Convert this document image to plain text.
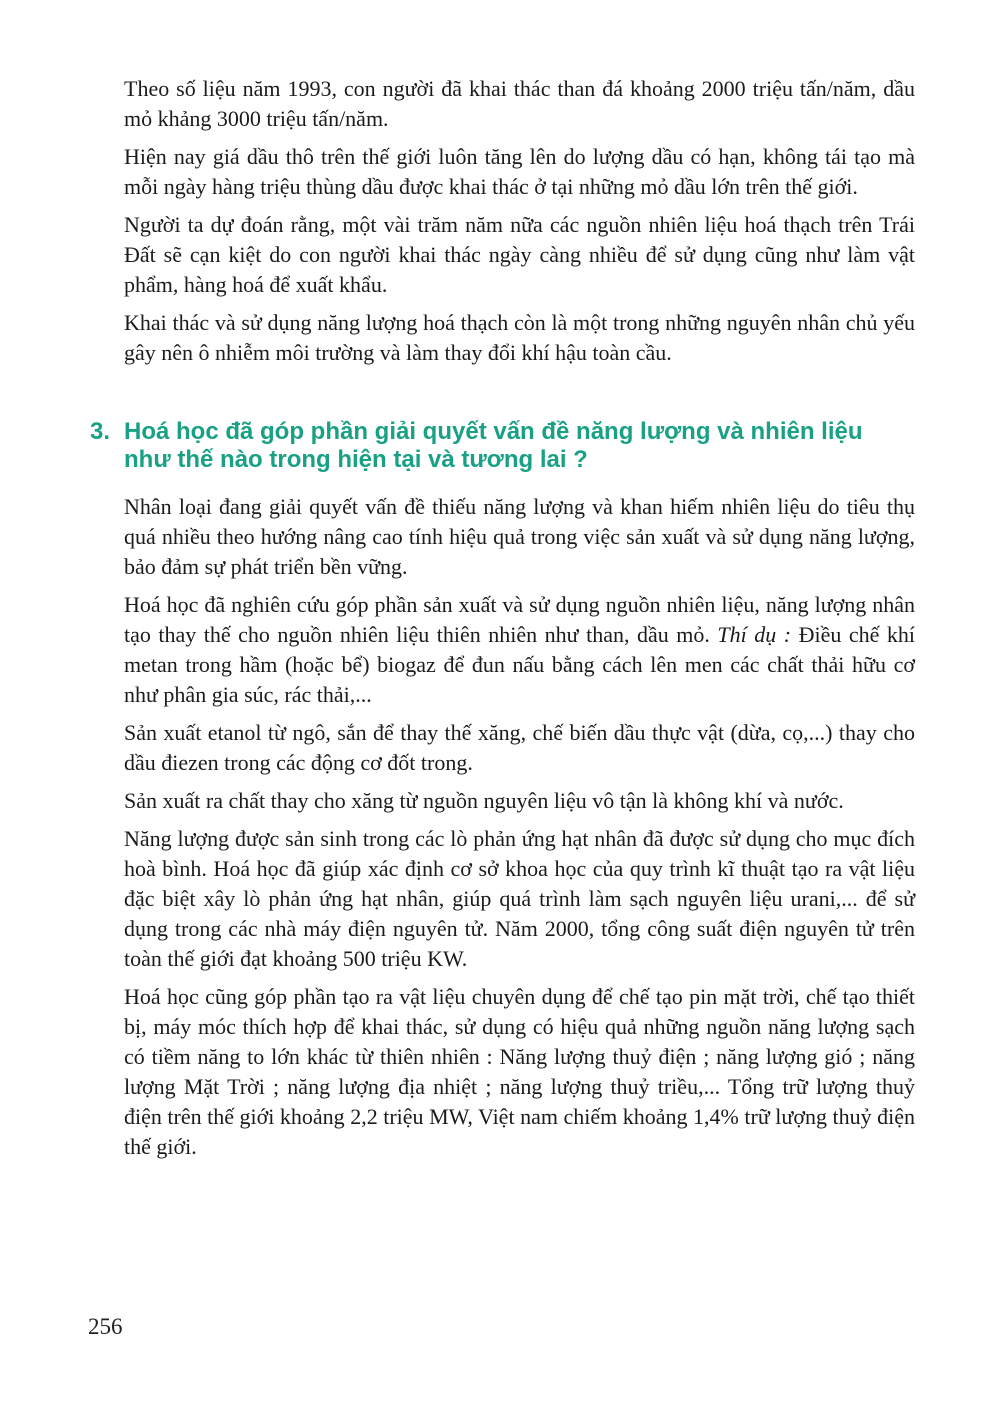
Theo số liệu năm 1993, con người đã khai thác than đá khoảng 2000 triệu tấn/năm, dầu mỏ khảng 3000 triệu tấn/năm.

Hiện nay giá dầu thô trên thế giới luôn tăng lên do lượng dầu có hạn, không tái tạo mà mỗi ngày hàng triệu thùng dầu được khai thác ở tại những mỏ dầu lớn trên thế giới.

Người ta dự đoán rằng, một vài trăm năm nữa các nguồn nhiên liệu hoá thạch trên Trái Đất sẽ cạn kiệt do con người khai thác ngày càng nhiều để sử dụng cũng như làm vật phẩm, hàng hoá để xuất khẩu.

Khai thác và sử dụng năng lượng hoá thạch còn là một trong những nguyên nhân chủ yếu gây nên ô nhiễm môi trường và làm thay đổi khí hậu toàn cầu.

3. Hoá học đã góp phần giải quyết vấn đề năng lượng và nhiên liệu
như thế nào trong hiện tại và tương lai ?

Nhân loại đang giải quyết vấn đề thiếu năng lượng và khan hiếm nhiên liệu do tiêu thụ quá nhiều theo hướng nâng cao tính hiệu quả trong việc sản xuất và sử dụng năng lượng, bảo đảm sự phát triển bền vững.

Hoá học đã nghiên cứu góp phần sản xuất và sử dụng nguồn nhiên liệu, năng lượng nhân tạo thay thế cho nguồn nhiên liệu thiên nhiên như than, dầu mỏ. Thí dụ : Điều chế khí metan trong hầm (hoặc bể) biogaz để đun nấu bằng cách lên men các chất thải hữu cơ như phân gia súc, rác thải,...

Sản xuất etanol từ ngô, sắn để thay thế xăng, chế biến dầu thực vật (dừa, cọ,...) thay cho dầu điezen trong các động cơ đốt trong.

Sản xuất ra chất thay cho xăng từ nguồn nguyên liệu vô tận là không khí và nước.

Năng lượng được sản sinh trong các lò phản ứng hạt nhân đã được sử dụng cho mục đích hoà bình. Hoá học đã giúp xác định cơ sở khoa học của quy trình kĩ thuật tạo ra vật liệu đặc biệt xây lò phản ứng hạt nhân, giúp quá trình làm sạch nguyên liệu urani,... để sử dụng trong các nhà máy điện nguyên tử. Năm 2000, tổng công suất điện nguyên tử trên toàn thế giới đạt khoảng 500 triệu KW.

Hoá học cũng góp phần tạo ra vật liệu chuyên dụng để chế tạo pin mặt trời, chế tạo thiết bị, máy móc thích hợp để khai thác, sử dụng có hiệu quả những nguồn năng lượng sạch có tiềm năng to lớn khác từ thiên nhiên : Năng lượng thuỷ điện ; năng lượng gió ; năng lượng Mặt Trời ; năng lượng địa nhiệt ; năng lượng thuỷ triều,... Tổng trữ lượng thuỷ điện trên thế giới khoảng 2,2 triệu MW, Việt nam chiếm khoảng 1,4% trữ lượng thuỷ điện thế giới.

256
